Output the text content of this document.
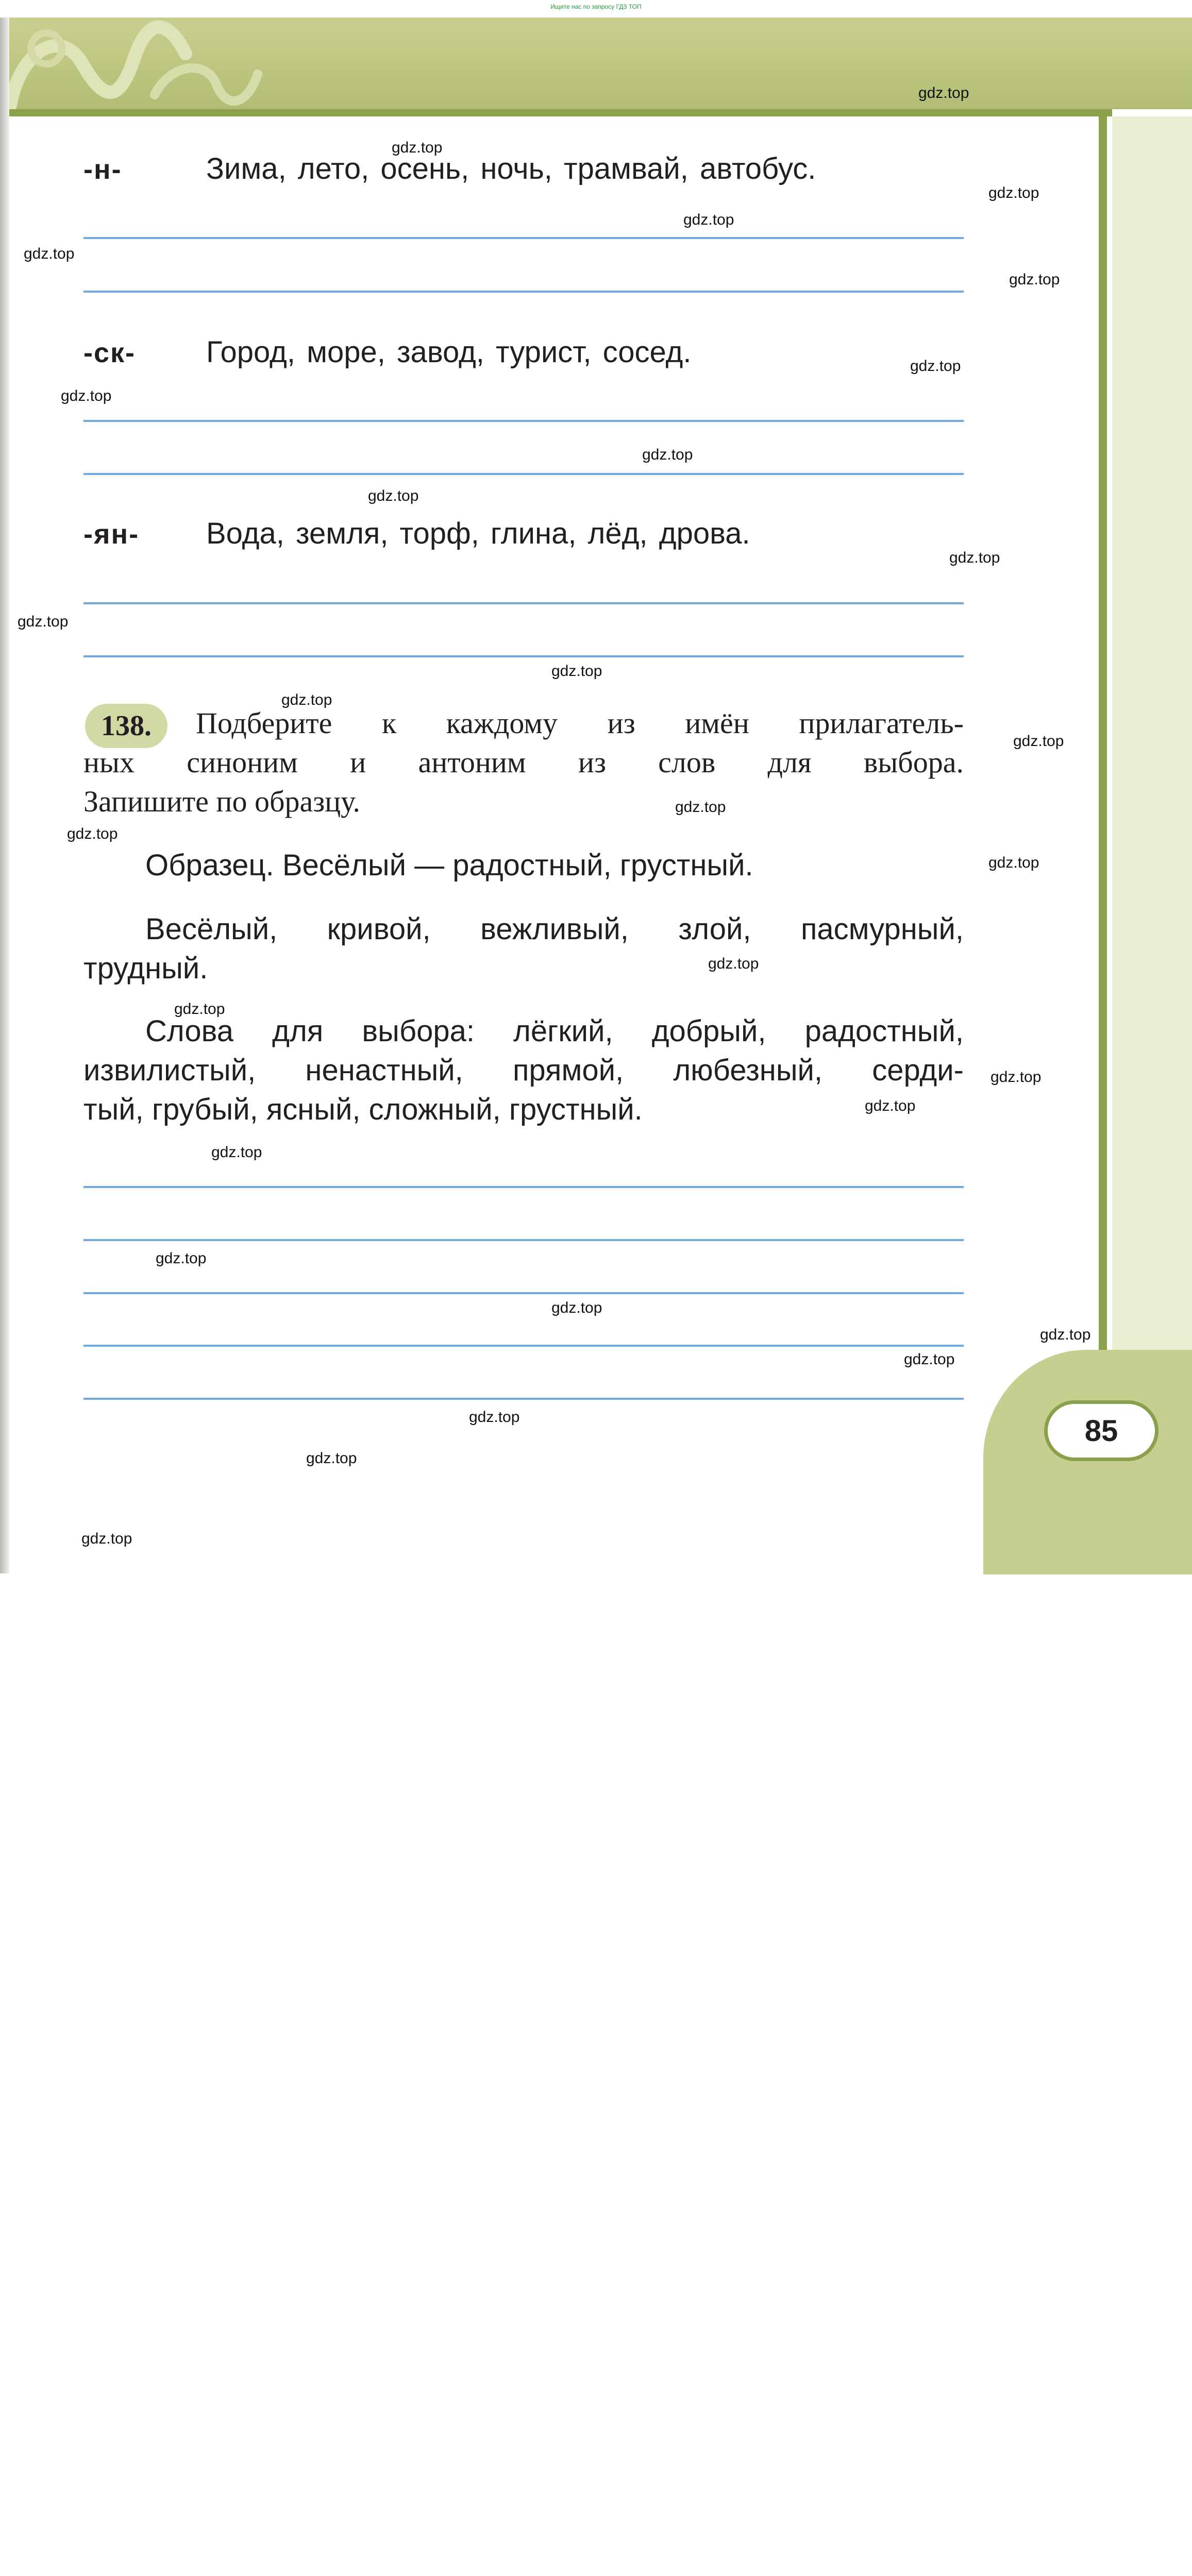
Ищите нас по запросу ГДЗ ТОП
85
-н-	Зима, лето, осень, ночь, трамвай, автобус.
-ск- Город, море, завод, турист, сосед.
-ян- Вода, земля, торф, глина, лёд, дрова.
138.	Подберите к каждому из имён прилагатель-
ных синоним и антоним из слов для выбора.
Запишите по образцу.
Образец. Весёлый — радостный, грустный.
Весёлый, кривой, вежливый, злой, пасмурный,
трудный.
Слова для выбора: лёгкий, добрый, радостный,
извилистый, ненастный, прямой, любезный, серди-
тый, грубый, ясный, сложный, грустный.
gdz.top
gdz.top
gdz.top
gdz.top
gdz.top
gdz.top
gdz.top
gdz.top
gdz.top
gdz.top
gdz.top
gdz.top
gdz.top
gdz.top
gdz.top
gdz.top
gdz.top
gdz.top
gdz.top
gdz.top
gdz.top
gdz.top
gdz.top
gdz.top
gdz.top
gdz.top
gdz.top
gdz.top
gdz.top
gdz.top
